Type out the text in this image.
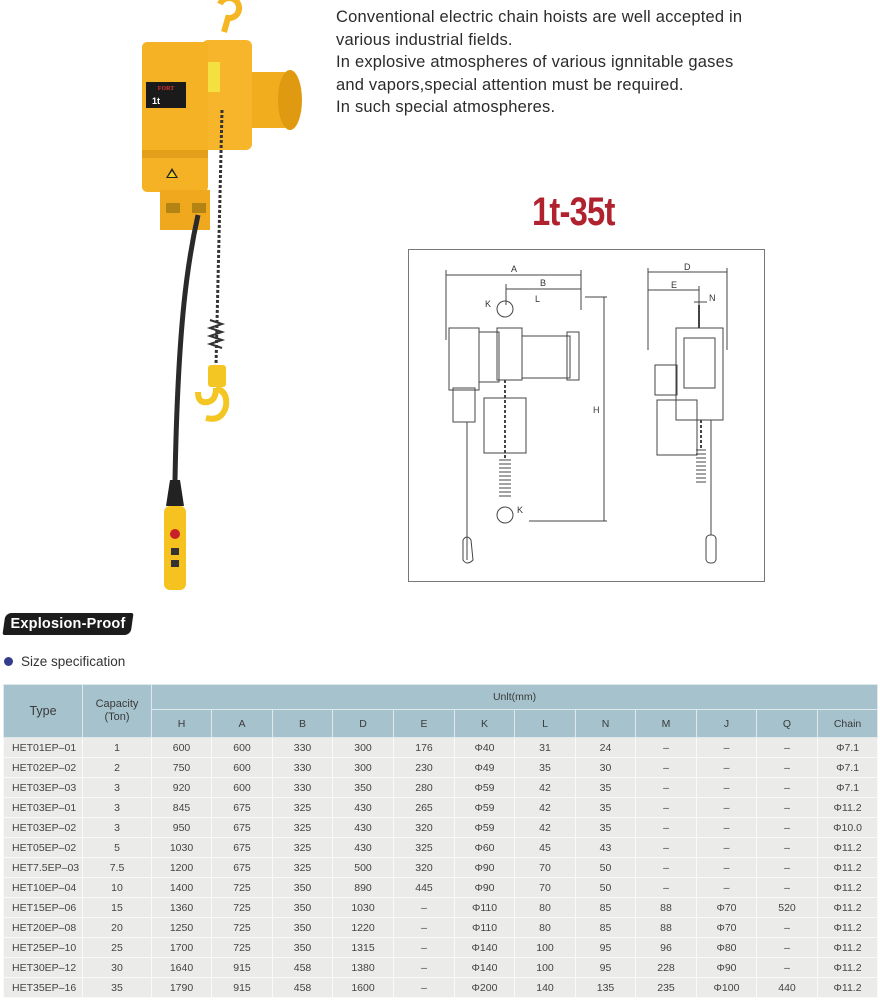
Conventional electric chain hoists are well accepted in

various industrial fields.

In explosive atmospheres of various ignnitable gases

and vapors,special attention must be required.

In such special atmospheres.

1t-35t
FORT
1t
A
B
D
E
K	L	N
H
K
Explosion-Proof
Size specification
Type	Capacity (Ton)	Unlt(mm)											
		H	A	B	D	E	K	L	N	M	J	Q	Chain
HET01EP–01	1	600	600	330	300	176	Φ40	31	24	–	–	–	Φ7.1
HET02EP–02	2	750	600	330	300	230	Φ49	35	30	–	–	–	Φ7.1
HET03EP–03	3	920	600	330	350	280	Φ59	42	35	–	–	–	Φ7.1
HET03EP–01	3	845	675	325	430	265	Φ59	42	35	–	–	–	Φ11.2
HET03EP–02	3	950	675	325	430	320	Φ59	42	35	–	–	–	Φ10.0
HET05EP–02	5	1030	675	325	430	325	Φ60	45	43	–	–	–	Φ11.2
HET7.5EP–03	7.5	1200	675	325	500	320	Φ90	70	50	–	–	–	Φ11.2
HET10EP–04	10	1400	725	350	890	445	Φ90	70	50	–	–	–	Φ11.2
HET15EP–06	15	1360	725	350	1030	–	Φ110	80	85	88	Φ70	520	Φ11.2
HET20EP–08	20	1250	725	350	1220	–	Φ110	80	85	88	Φ70	–	Φ11.2
HET25EP–10	25	1700	725	350	1315	–	Φ140	100	95	96	Φ80	–	Φ11.2
HET30EP–12	30	1640	915	458	1380	–	Φ140	100	95	228	Φ90	–	Φ11.2
HET35EP–16	35	1790	915	458	1600	–	Φ200	140	135	235	Φ100	440	Φ11.2
